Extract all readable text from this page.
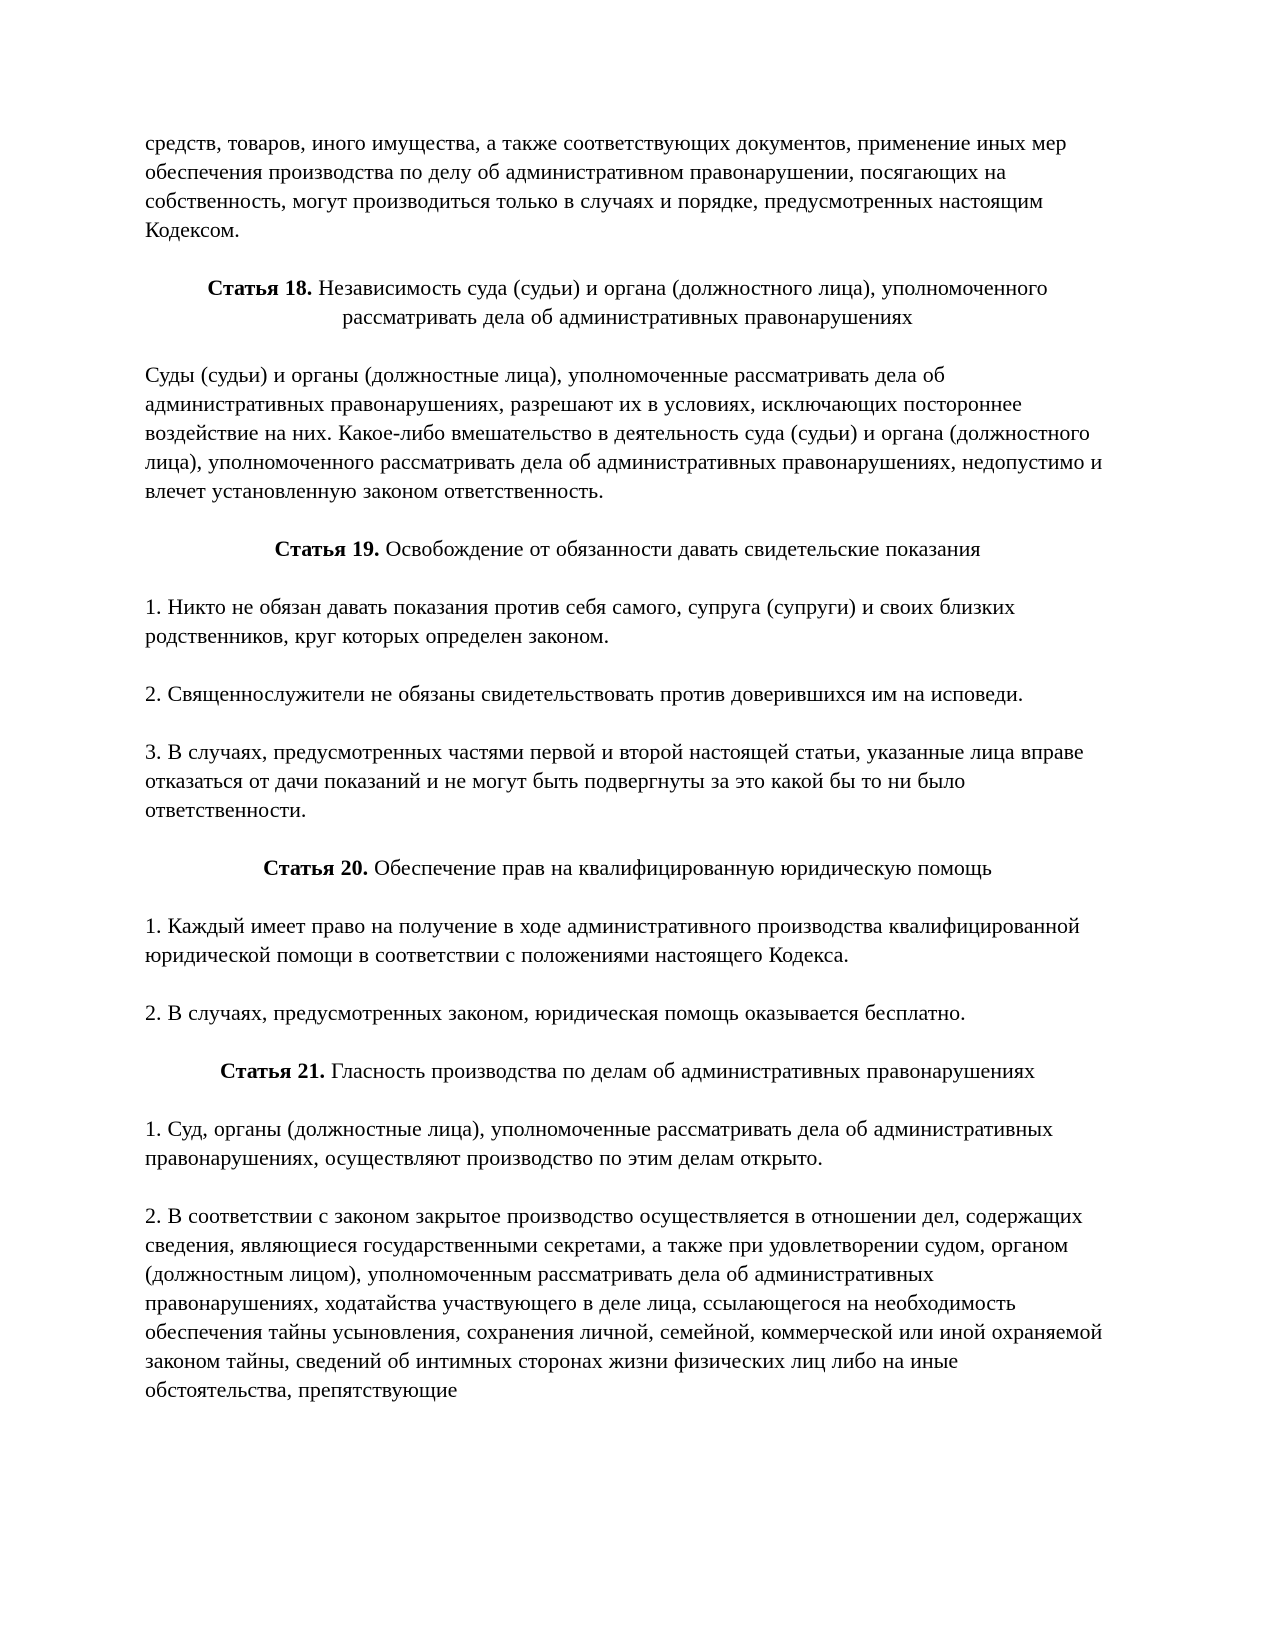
средств, товаров, иного имущества, а также соответствующих документов, применение иных мер обеспечения производства по делу об административном правонарушении, посягающих на собственность, могут производиться только в случаях и порядке, предусмотренных настоящим Кодексом.

Статья 18. Независимость суда (судьи) и органа (должностного лица), уполномоченного рассматривать дела об административных правонарушениях

Суды (судьи) и органы (должностные лица), уполномоченные рассматривать дела об административных правонарушениях, разрешают их в условиях, исключающих постороннее воздействие на них. Какое-либо вмешательство в деятельность суда (судьи) и органа (должностного лица), уполномоченного рассматривать дела об административных правонарушениях, недопустимо и влечет установленную законом ответственность.

Статья 19. Освобождение от обязанности давать свидетельские показания

1. Никто не обязан давать показания против себя самого, супруга (супруги) и своих близких родственников, круг которых определен законом.

2. Священнослужители не обязаны свидетельствовать против доверившихся им на исповеди.

3. В случаях, предусмотренных частями первой и второй настоящей статьи, указанные лица вправе отказаться от дачи показаний и не могут быть подвергнуты за это какой бы то ни было ответственности.

Статья 20. Обеспечение прав на квалифицированную юридическую помощь

1. Каждый имеет право на получение в ходе административного производства квалифицированной юридической помощи в соответствии с положениями настоящего Кодекса.

2. В случаях, предусмотренных законом, юридическая помощь оказывается бесплатно.

Статья 21. Гласность производства по делам об административных правонарушениях

1. Суд, органы (должностные лица), уполномоченные рассматривать дела об административных правонарушениях, осуществляют производство по этим делам открыто.

2. В соответствии с законом закрытое производство осуществляется в отношении дел, содержащих сведения, являющиеся государственными секретами, а также при удовлетворении судом, органом (должностным лицом), уполномоченным рассматривать дела об административных правонарушениях, ходатайства участвующего в деле лица, ссылающегося на необходимость обеспечения тайны усыновления, сохранения личной, семейной, коммерческой или иной охраняемой законом тайны, сведений об интимных сторонах жизни физических лиц либо на иные обстоятельства, препятствующие
